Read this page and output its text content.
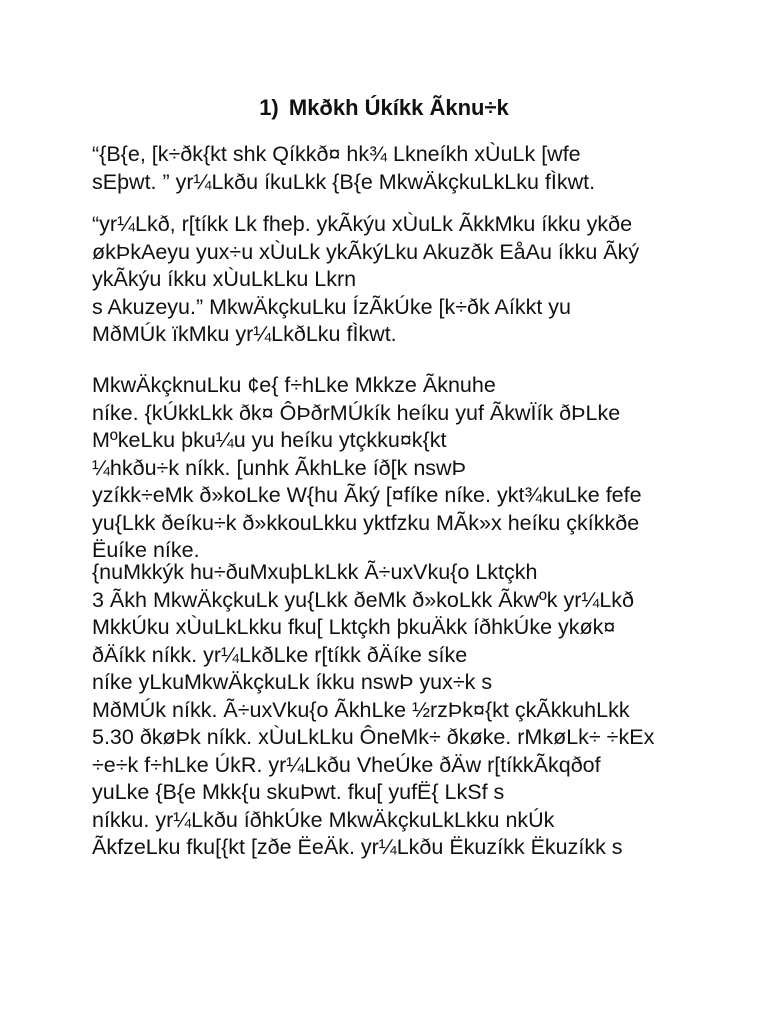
1) Mkðkh Úkíkk Ãknu÷k
“{B{e, [k÷ðk{kt shk Qíkkð¤ hk¾ Lkneíkh xÙuLk [wfe
sEþwt. ” yr¼Lkðu íkuLkk {B{e MkwÄkçkuLkLku fÌkwt.
“yr¼Lkð, r[tíkk Lk fheþ. ykÃkýu xÙuLk ÃkkMku íkku ykðe
økÞkAeyu yux÷u xÙuLk ykÃkýLku Akuzðk EåAu íkku Ãký
ykÃkýu íkku xÙuLkLku Lkrn
s Akuzeyu.” MkwÄkçkuLku ÍzÃkÚke [k÷ðk Aíkkt yu
MðMÚk ïkMku yr¼LkðLku fÌkwt.
MkwÄkçknuLku ¢e{ f÷hLke Mkkze Ãknuhe
níke. {kÚkkLkk ðk¤ ÔÞðrMÚkík heíku yuf ÃkwÏík ðÞLke
MºkeLku þku¼u yu heíku ytçkku¤k{kt
¼hkðu÷k níkk. [unhk ÃkhLke íð[k nswÞ
yzíkk÷eMk ð»koLke W{hu Ãký [¤fíke níke. ykt¾kuLke fefe
yu{Lkk ðeíku÷k ð»kkouLkku yktfzku MÃk»x heíku çkíkkðe
Ëuíke níke.
{nuMkkýk hu÷ðuMxuþLkLkk Ã÷uxVku{o Lktçkh
3 Ãkh MkwÄkçkuLk yu{Lkk ðeMk ð»koLkk Ãkwºk yr¼Lkð
MkkÚku xÙuLkLkku fku[ Lktçkh þkuÄkk íðhkÚke ykøk¤
ðÄíkk níkk. yr¼LkðLke r[tíkk ðÄíke síke
níke yLkuMkwÄkçkuLk íkku nswÞ yux÷k s
MðMÚk níkk. Ã÷uxVku{o ÃkhLke ½rzÞk¤{kt çkÃkkuhLkk
5.30 ðkøÞk níkk. xÙuLkLku ÔneMk÷ ðkøke. rMkøLk÷ ÷kEx
÷e÷k f÷hLke ÚkR. yr¼Lkðu VheÚke ðÄw r[tíkkÃkqðof
yuLke {B{e Mkk{u skuÞwt. fku[ yufË{ LkSf s
níkku. yr¼Lkðu íðhkÚke MkwÄkçkuLkLkku nkÚk
ÃkfzeLku fku[{kt [zðe ËeÄk. yr¼Lkðu Ëkuzíkk Ëkuzíkk s
